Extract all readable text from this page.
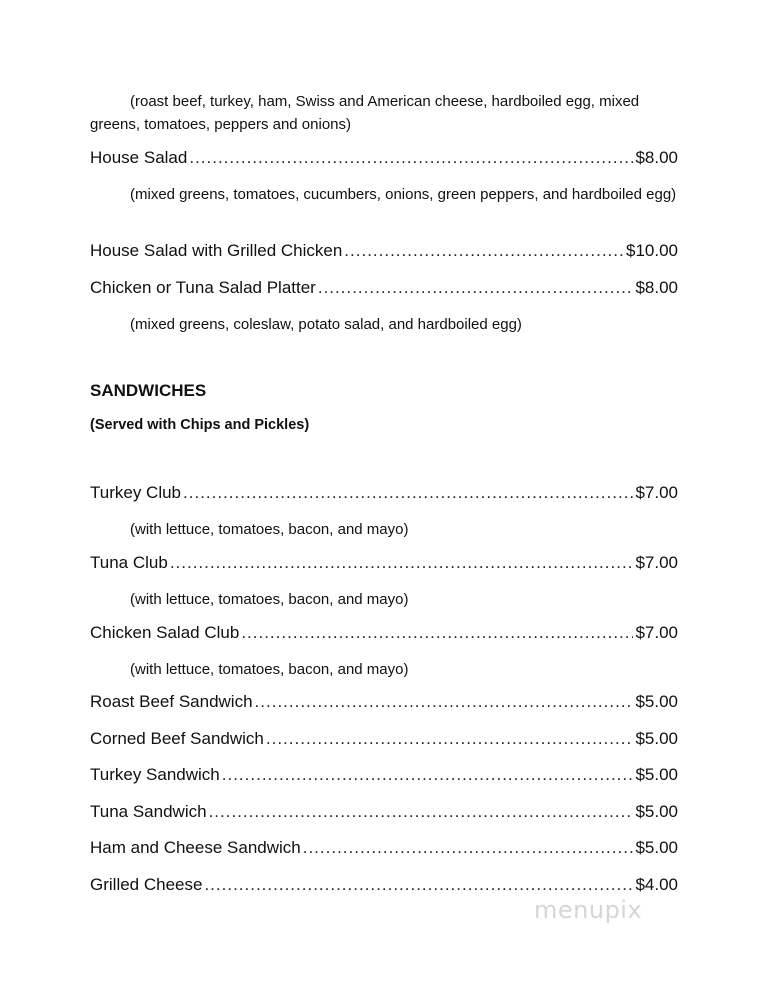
(roast beef, turkey, ham, Swiss and American cheese, hardboiled egg, mixed greens, tomatoes, peppers and onions)
House Salad .....	$8.00
(mixed greens, tomatoes, cucumbers, onions, green peppers, and hardboiled egg)
House Salad with Grilled Chicken .....	$10.00
Chicken or Tuna Salad Platter .....	$8.00
(mixed greens, coleslaw, potato salad, and hardboiled egg)
SANDWICHES
(Served with Chips and Pickles)
Turkey Club .....	$7.00
(with lettuce, tomatoes, bacon, and mayo)
Tuna Club .....	$7.00
(with lettuce, tomatoes, bacon, and mayo)
Chicken Salad Club .....	$7.00
(with lettuce, tomatoes, bacon, and mayo)
Roast Beef Sandwich .....	$5.00
Corned Beef Sandwich .....	$5.00
Turkey Sandwich .....	$5.00
Tuna Sandwich .....	$5.00
Ham and Cheese Sandwich .....	$5.00
Grilled Cheese .....	$4.00
menupix
